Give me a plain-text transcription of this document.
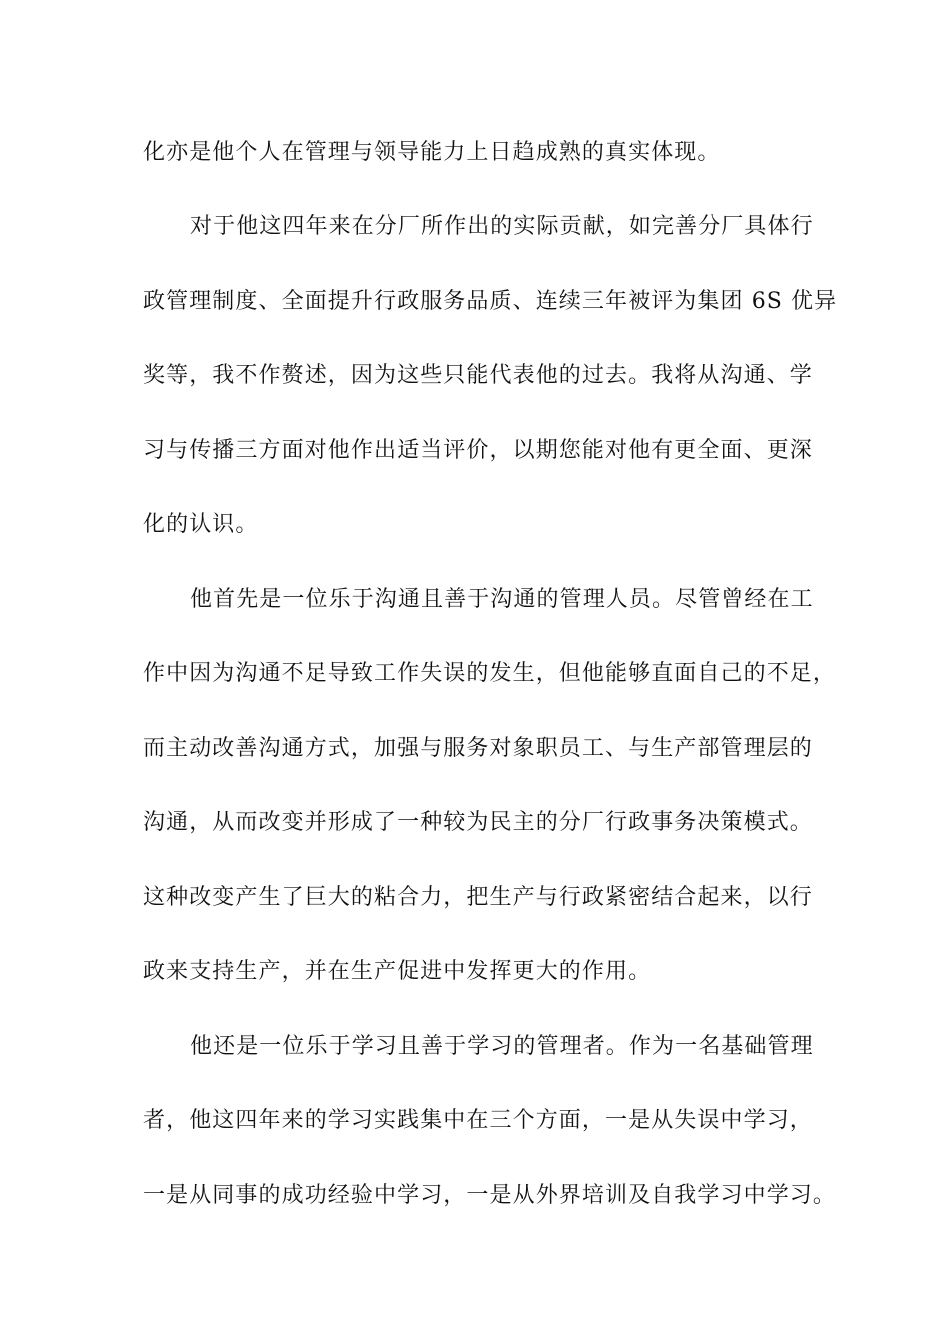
化亦是他个人在管理与领导能力上日趋成熟的真实体现。
对于他这四年来在分厂所作出的实际贡献，如完善分厂具体行
政管理制度、全面提升行政服务品质、连续三年被评为集团 6S 优异
奖等，我不作赘述，因为这些只能代表他的过去。我将从沟通、学
习与传播三方面对他作出适当评价，以期您能对他有更全面、更深
化的认识。
他首先是一位乐于沟通且善于沟通的管理人员。尽管曾经在工
作中因为沟通不足导致工作失误的发生，但他能够直面自己的不足，
而主动改善沟通方式，加强与服务对象职员工、与生产部管理层的
沟通，从而改变并形成了一种较为民主的分厂行政事务决策模式。
这种改变产生了巨大的粘合力，把生产与行政紧密结合起来，以行
政来支持生产，并在生产促进中发挥更大的作用。
他还是一位乐于学习且善于学习的管理者。作为一名基础管理
者，他这四年来的学习实践集中在三个方面，一是从失误中学习，
一是从同事的成功经验中学习，一是从外界培训及自我学习中学习。
